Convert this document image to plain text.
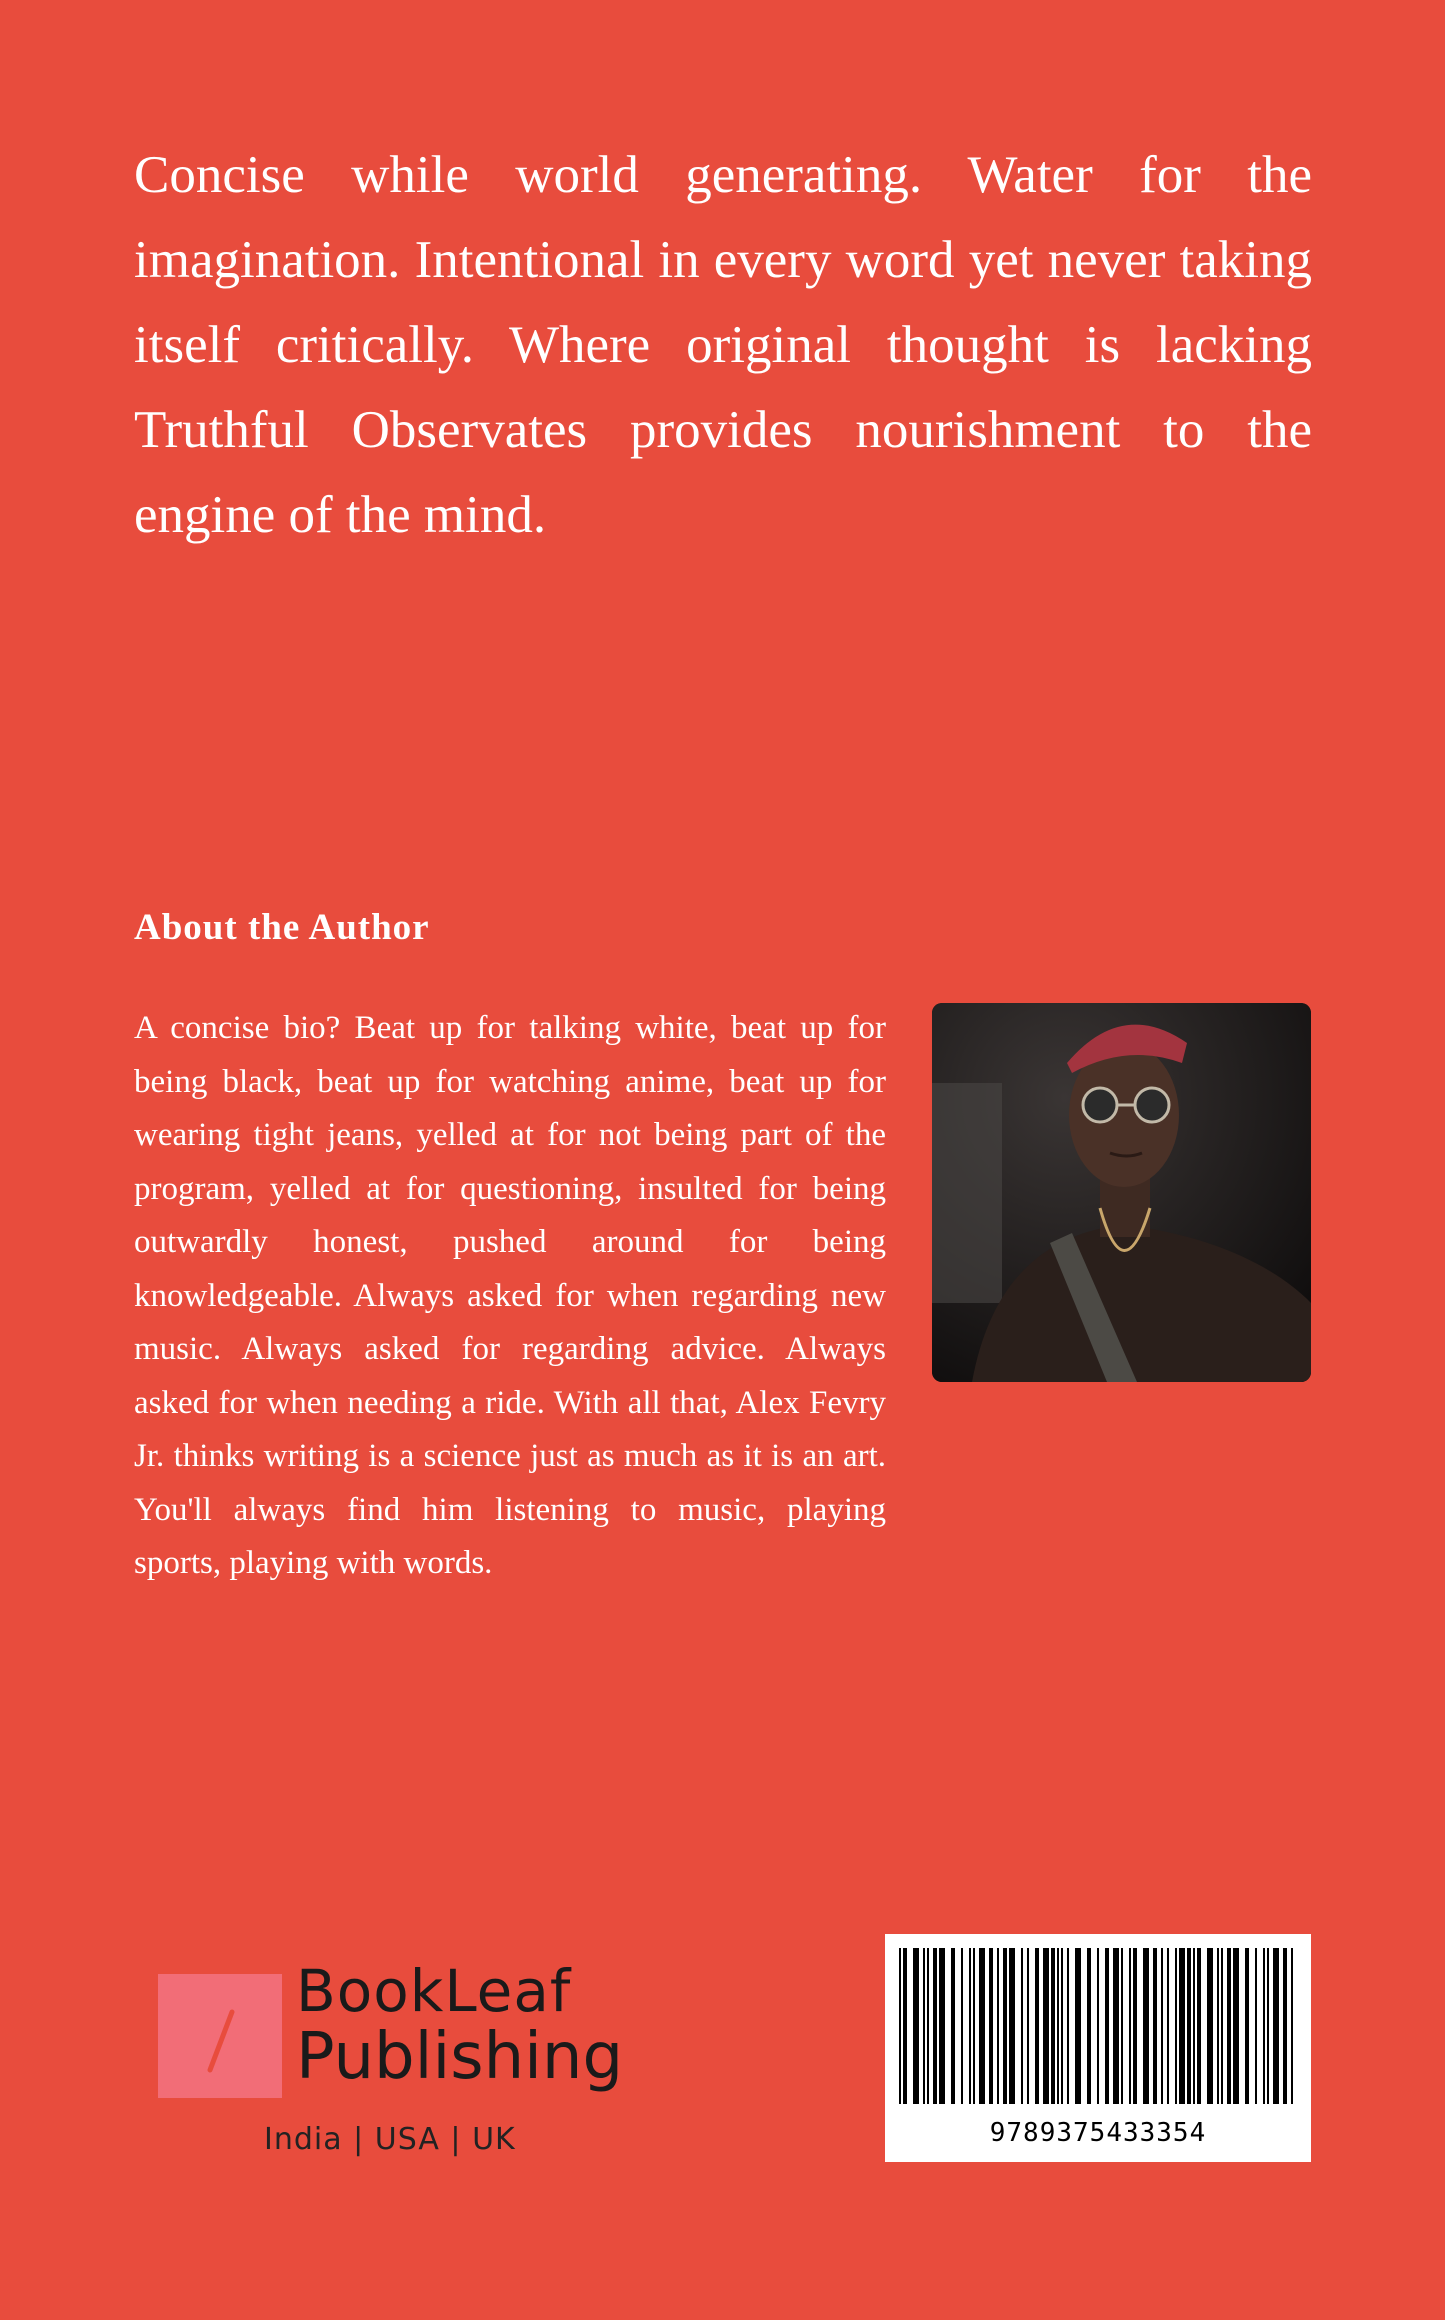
Concise while world generating. Water for the imagination. Intentional in every word yet never taking itself critically. Where original thought is lacking Truthful Observates provides nourishment to the engine of the mind.

About the Author

A concise bio? Beat up for talking white, beat up for being black, beat up for watching anime, beat up for wearing tight jeans, yelled at for not being part of the program, yelled at for questioning, insulted for being outwardly honest, pushed around for being knowledgeable. Always asked for when regarding new music. Always asked for regarding advice. Always asked for when needing a ride. With all that, Alex Fevry Jr. thinks writing is a science just as much as it is an art. You'll always find him listening to music, playing sports, playing with words.

BookLeaf
Publishing
India | USA | UK	9789375433354
